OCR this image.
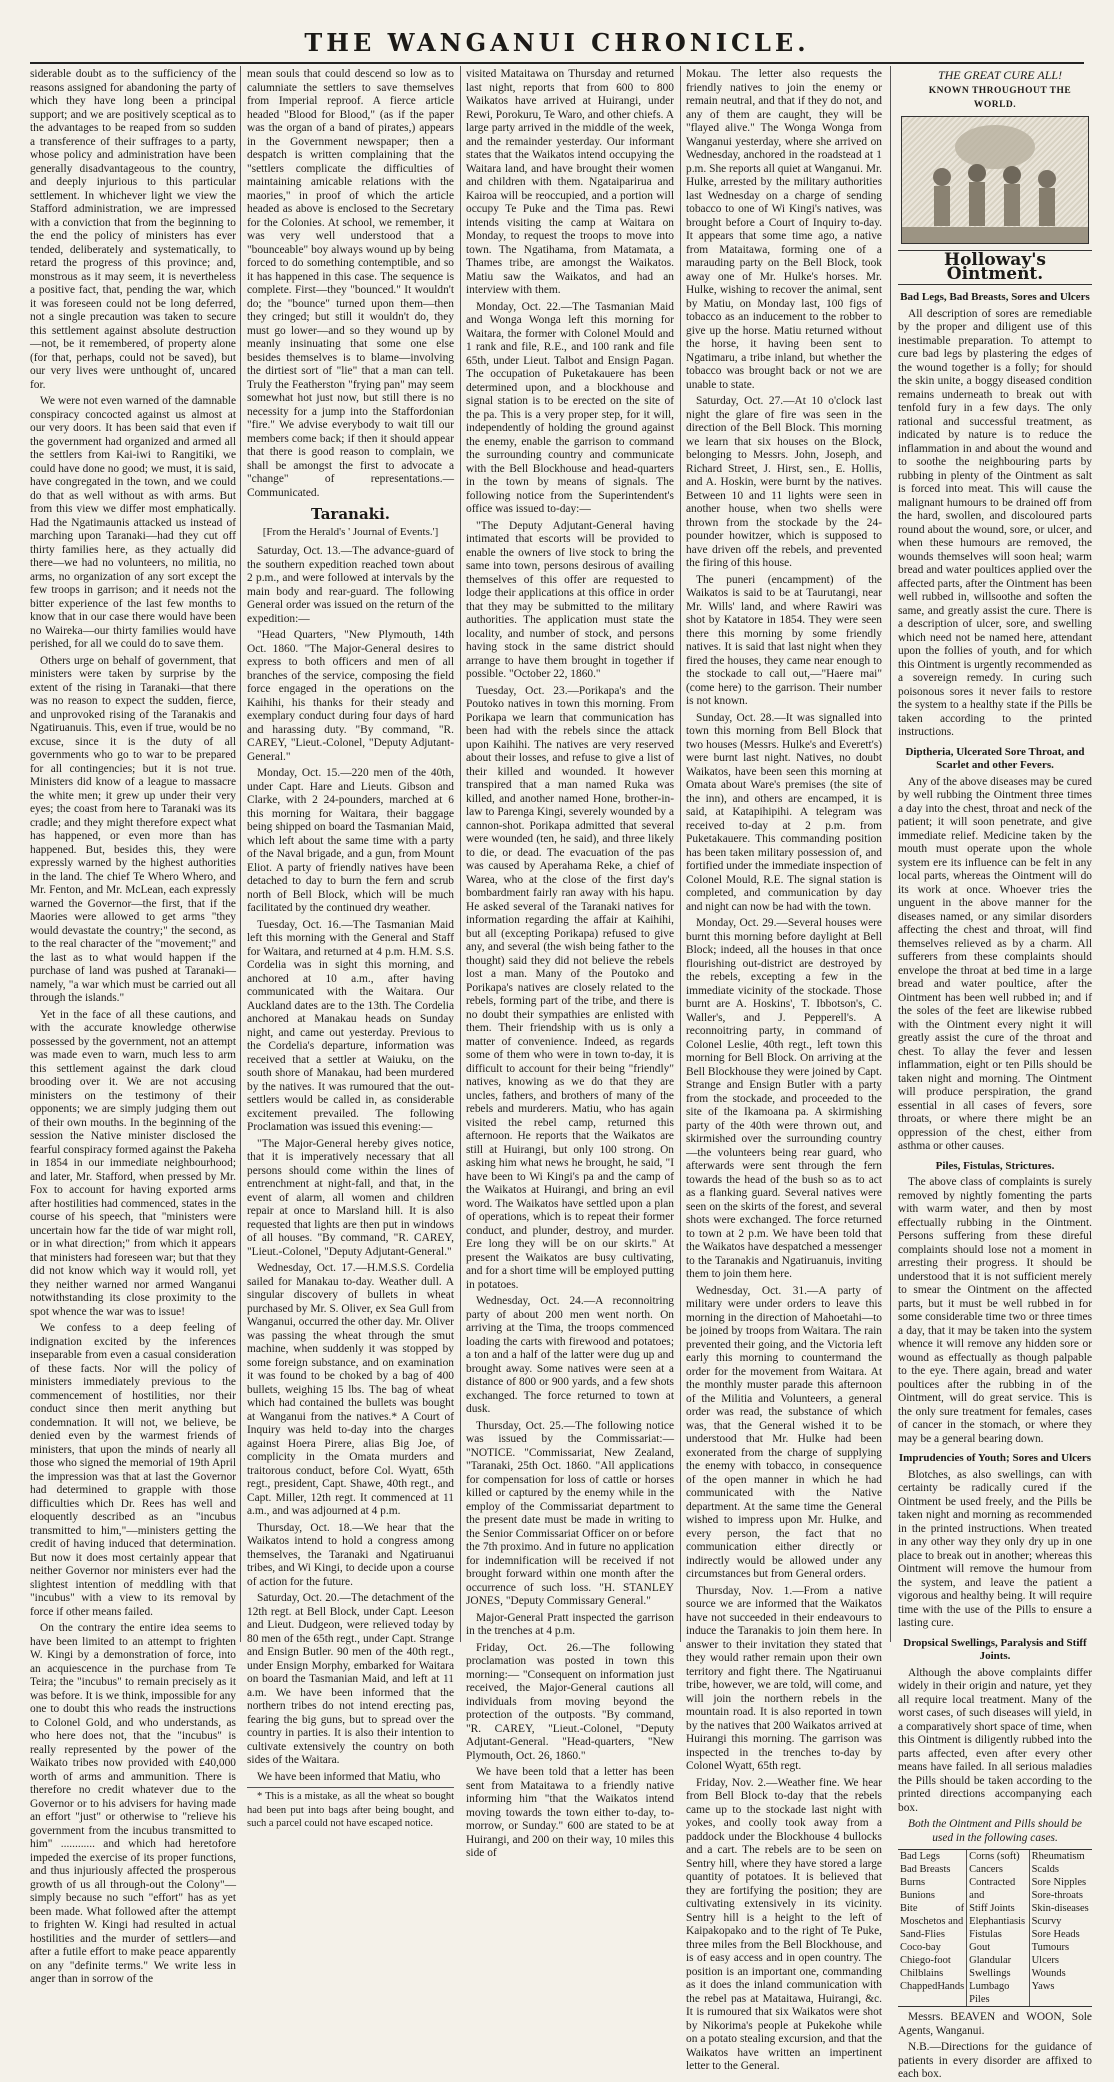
THE WANGANUI CHRONICLE.

siderable doubt as to the sufficiency of the reasons assigned for abandoning the party of which they have long been a principal support; and we are positively sceptical as to the advantages to be reaped from so sudden a transference of their suffrages to a party, whose policy and administration have been generally disadvantageous to the country, and deeply injurious to this particular settlement. In whichever light we view the Stafford administration, we are impressed with a conviction that from the beginning to the end the policy of ministers has ever tended, deliberately and systematically, to retard the progress of this province; and, monstrous as it may seem, it is nevertheless a positive fact, that, pending the war, which it was foreseen could not be long deferred, not a single precaution was taken to secure this settlement against absolute destruction—not, be it remembered, of property alone (for that, perhaps, could not be saved), but our very lives were unthought of, uncared for.

We were not even warned of the damnable conspiracy concocted against us almost at our very doors. It has been said that even if the government had organized and armed all the settlers from Kai-iwi to Rangitiki, we could have done no good; we must, it is said, have congregated in the town, and we could do that as well without as with arms. But from this view we differ most emphatically. Had the Ngatimaunis attacked us instead of marching upon Taranaki—had they cut off thirty families here, as they actually did there—we had no volunteers, no militia, no arms, no organization of any sort except the few troops in garrison; and it needs not the bitter experience of the last few months to know that in our case there would have been no Waireka—our thirty families would have perished, for all we could do to save them.

Others urge on behalf of government, that ministers were taken by surprise by the extent of the rising in Taranaki—that there was no reason to expect the sudden, fierce, and unprovoked rising of the Taranakis and Ngatiruanuis. This, even if true, would be no excuse, since it is the duty of all governments who go to war to be prepared for all contingencies; but it is not true. Ministers did know of a league to massacre the white men; it grew up under their very eyes; the coast from here to Taranaki was its cradle; and they might therefore expect what has happened, or even more than has happened. But, besides this, they were expressly warned by the highest authorities in the land. The chief Te Whero Whero, and Mr. Fenton, and Mr. McLean, each expressly warned the Governor—the first, that if the Maories were allowed to get arms "they would devastate the country;" the second, as to the real character of the "movement;" and the last as to what would happen if the purchase of land was pushed at Taranaki—namely, "a war which must be carried out all through the islands."

Yet in the face of all these cautions, and with the accurate knowledge otherwise possessed by the government, not an attempt was made even to warn, much less to arm this settlement against the dark cloud brooding over it. We are not accusing ministers on the testimony of their opponents; we are simply judging them out of their own mouths. In the beginning of the session the Native minister disclosed the fearful conspiracy formed against the Pakeha in 1854 in our immediate neighbourhood; and later, Mr. Stafford, when pressed by Mr. Fox to account for having exported arms after hostilities had commenced, states in the course of his speech, that "ministers were uncertain how far the tide of war might roll, or in what direction;" from which it appears that ministers had foreseen war; but that they did not know which way it would roll, yet they neither warned nor armed Wanganui notwithstanding its close proximity to the spot whence the war was to issue!

We confess to a deep feeling of indignation excited by the inferences inseparable from even a casual consideration of these facts. Nor will the policy of ministers immediately previous to the commencement of hostilities, nor their conduct since then merit anything but condemnation. It will not, we believe, be denied even by the warmest friends of ministers, that upon the minds of nearly all those who signed the memorial of 19th April the impression was that at last the Governor had determined to grapple with those difficulties which Dr. Rees has well and eloquently described as an "incubus transmitted to him,"—ministers getting the credit of having induced that determination. But now it does most certainly appear that neither Governor nor ministers ever had the slightest intention of meddling with that "incubus" with a view to its removal by force if other means failed.

On the contrary the entire idea seems to have been limited to an attempt to frighten W. Kingi by a demonstration of force, into an acquiescence in the purchase from Te Teira; the "incubus" to remain precisely as it was before. It is we think, impossible for any one to doubt this who reads the instructions to Colonel Gold, and who understands, as who here does not, that the "incubus" is really represented by the power of the Waikato tribes now provided with £40,000 worth of arms and ammunition. There is therefore no credit whatever due to the Governor or to his advisers for having made an effort "just" or otherwise to "relieve his government from the incubus transmitted to him" ............ and which had heretofore impeded the exercise of its proper functions, and thus injuriously affected the prosperous growth of us all through-out the Colony"—simply because no such "effort" has as yet been made. What followed after the attempt to frighten W. Kingi had resulted in actual hostilities and the murder of settlers—and after a futile effort to make peace apparently on any "definite terms." We write less in anger than in sorrow of the

mean souls that could descend so low as to calumniate the settlers to save themselves from Imperial reproof. A fierce article headed "Blood for Blood," (as if the paper was the organ of a band of pirates,) appears in the Government newspaper; then a despatch is written complaining that the "settlers complicate the difficulties of maintaining amicable relations with the maories," in proof of which the article headed as above is enclosed to the Secretary for the Colonies. At school, we remember, it was very well understood that a "bounceable" boy always wound up by being forced to do something contemptible, and so it has happened in this case. The sequence is complete. First—they "bounced." It wouldn't do; the "bounce" turned upon them—then they cringed; but still it wouldn't do, they must go lower—and so they wound up by meanly insinuating that some one else besides themselves is to blame—involving the dirtiest sort of "lie" that a man can tell. Truly the Featherston "frying pan" may seem somewhat hot just now, but still there is no necessity for a jump into the Staffordonian "fire." We advise everybody to wait till our members come back; if then it should appear that there is good reason to complain, we shall be amongst the first to advocate a "change" of representations.—Communicated.

Taranaki.
[From the Herald's ' Journal of Events.']

Saturday, Oct. 13.—The advance-guard of the southern expedition reached town about 2 p.m., and were followed at intervals by the main body and rear-guard. The following General order was issued on the return of the expedition:—

"Head Quarters, "New Plymouth, 14th Oct. 1860. "The Major-General desires to express to both officers and men of all branches of the service, composing the field force engaged in the operations on the Kaihihi, his thanks for their steady and exemplary conduct during four days of hard and harassing duty. "By command, "R. CAREY, "Lieut.-Colonel, "Deputy Adjutant-General."

Monday, Oct. 15.—220 men of the 40th, under Capt. Hare and Lieuts. Gibson and Clarke, with 2 24-pounders, marched at 6 this morning for Waitara, their baggage being shipped on board the Tasmanian Maid, which left about the same time with a party of the Naval brigade, and a gun, from Mount Eliot. A party of friendly natives have been detached to day to burn the fern and scrub north of Bell Block, which will be much facilitated by the continued dry weather.

Tuesday, Oct. 16.—The Tasmanian Maid left this morning with the General and Staff for Waitara, and returned at 4 p.m. H.M. S.S. Cordelia was in sight this morning, and anchored at 10 a.m., after having communicated with the Waitara. Our Auckland dates are to the 13th. The Cordelia anchored at Manakau heads on Sunday night, and came out yesterday. Previous to the Cordelia's departure, information was received that a settler at Waiuku, on the south shore of Manakau, had been murdered by the natives. It was rumoured that the out-settlers would be called in, as considerable excitement prevailed. The following Proclamation was issued this evening:—

"The Major-General hereby gives notice, that it is imperatively necessary that all persons should come within the lines of entrenchment at night-fall, and that, in the event of alarm, all women and children repair at once to Marsland hill. It is also requested that lights are then put in windows of all houses. "By command, "R. CAREY, "Lieut.-Colonel, "Deputy Adjutant-General."

Wednesday, Oct. 17.—H.M.S.S. Cordelia sailed for Manakau to-day. Weather dull. A singular discovery of bullets in wheat purchased by Mr. S. Oliver, ex Sea Gull from Wanganui, occurred the other day. Mr. Oliver was passing the wheat through the smut machine, when suddenly it was stopped by some foreign substance, and on examination it was found to be choked by a bag of 400 bullets, weighing 15 lbs. The bag of wheat which had contained the bullets was bought at Wanganui from the natives.* A Court of Inquiry was held to-day into the charges against Hoera Pirere, alias Big Joe, of complicity in the Omata murders and traitorous conduct, before Col. Wyatt, 65th regt., president, Capt. Shawe, 40th regt., and Capt. Miller, 12th regt. It commenced at 11 a.m., and was adjourned at 4 p.m.

Thursday, Oct. 18.—We hear that the Waikatos intend to hold a congress among themselves, the Taranaki and Ngatiruanui tribes, and Wi Kingi, to decide upon a course of action for the future.

Saturday, Oct. 20.—The detachment of the 12th regt. at Bell Block, under Capt. Leeson and Lieut. Dudgeon, were relieved today by 80 men of the 65th regt., under Capt. Strange and Ensign Butler. 90 men of the 40th regt., under Ensign Morphy, embarked for Waitara on board the Tasmanian Maid, and left at 11 a.m. We have been informed that the northern tribes do not intend erecting pas, fearing the big guns, but to spread over the country in parties. It is also their intention to cultivate extensively the country on both sides of the Waitara.

We have been informed that Matiu, who

* This is a mistake, as all the wheat so bought had been put into bags after being bought, and such a parcel could not have escaped notice.

visited Mataitawa on Thursday and returned last night, reports that from 600 to 800 Waikatos have arrived at Huirangi, under Rewi, Porokuru, Te Waro, and other chiefs. A large party arrived in the middle of the week, and the remainder yesterday. Our informant states that the Waikatos intend occupying the Waitara land, and have brought their women and children with them. Ngataiparirua and Kairoa will be reoccupied, and a portion will occupy Te Puke and the Tima pas. Rewi intends visiting the camp at Waitara on Monday, to request the troops to move into town. The Ngatihama, from Matamata, a Thames tribe, are amongst the Waikatos. Matiu saw the Waikatos, and had an interview with them.

Monday, Oct. 22.—The Tasmanian Maid and Wonga Wonga left this morning for Waitara, the former with Colonel Mould and 1 rank and file, R.E., and 100 rank and file 65th, under Lieut. Talbot and Ensign Pagan. The occupation of Puketakauere has been determined upon, and a blockhouse and signal station is to be erected on the site of the pa. This is a very proper step, for it will, independently of holding the ground against the enemy, enable the garrison to command the surrounding country and communicate with the Bell Blockhouse and head-quarters in the town by means of signals. The following notice from the Superintendent's office was issued to-day:—

"The Deputy Adjutant-General having intimated that escorts will be provided to enable the owners of live stock to bring the same into town, persons desirous of availing themselves of this offer are requested to lodge their applications at this office in order that they may be submitted to the military authorities. The application must state the locality, and number of stock, and persons having stock in the same district should arrange to have them brought in together if possible. "October 22, 1860."

Tuesday, Oct. 23.—Porikapa's and the Poutoko natives in town this morning. From Porikapa we learn that communication has been had with the rebels since the attack upon Kaihihi. The natives are very reserved about their losses, and refuse to give a list of their killed and wounded. It however transpired that a man named Ruka was killed, and another named Hone, brother-in-law to Parenga Kingi, severely wounded by a cannon-shot. Porikapa admitted that several were wounded (ten, he said), and three likely to die, or dead. The evacuation of the pas was caused by Aperahama Reke, a chief of Warea, who at the close of the first day's bombardment fairly ran away with his hapu. He asked several of the Taranaki natives for information regarding the affair at Kaihihi, but all (excepting Porikapa) refused to give any, and several (the wish being father to the thought) said they did not believe the rebels lost a man. Many of the Poutoko and Porikapa's natives are closely related to the rebels, forming part of the tribe, and there is no doubt their sympathies are enlisted with them. Their friendship with us is only a matter of convenience. Indeed, as regards some of them who were in town to-day, it is difficult to account for their being "friendly" natives, knowing as we do that they are uncles, fathers, and brothers of many of the rebels and murderers. Matiu, who has again visited the rebel camp, returned this afternoon. He reports that the Waikatos are still at Huirangi, but only 100 strong. On asking him what news he brought, he said, "I have been to Wi Kingi's pa and the camp of the Waikatos at Huirangi, and bring an evil word. The Waikatos have settled upon a plan of operations, which is to repeat their former conduct, and plunder, destroy, and murder. Ere long they will be on our skirts." At present the Waikatos are busy cultivating, and for a short time will be employed putting in potatoes.

Wednesday, Oct. 24.—A reconnoitring party of about 200 men went north. On arriving at the Tima, the troops commenced loading the carts with firewood and potatoes; a ton and a half of the latter were dug up and brought away. Some natives were seen at a distance of 800 or 900 yards, and a few shots exchanged. The force returned to town at dusk.

Thursday, Oct. 25.—The following notice was issued by the Commissariat:— "NOTICE. "Commissariat, New Zealand, "Taranaki, 25th Oct. 1860. "All applications for compensation for loss of cattle or horses killed or captured by the enemy while in the employ of the Commissariat department to the present date must be made in writing to the Senior Commissariat Officer on or before the 7th proximo. And in future no application for indemnification will be received if not brought forward within one month after the occurrence of such loss. "H. STANLEY JONES, "Deputy Commissary General."

Major-General Pratt inspected the garrison in the trenches at 4 p.m.

Friday, Oct. 26.—The following proclamation was posted in town this morning:— "Consequent on information just received, the Major-General cautions all individuals from moving beyond the protection of the outposts. "By command, "R. CAREY, "Lieut.-Colonel, "Deputy Adjutant-General. "Head-quarters, "New Plymouth, Oct. 26, 1860."

We have been told that a letter has been sent from Mataitawa to a friendly native informing him "that the Waikatos intend moving towards the town either to-day, to-morrow, or Sunday." 600 are stated to be at Huirangi, and 200 on their way, 10 miles this side of

Mokau. The letter also requests the friendly natives to join the enemy or remain neutral, and that if they do not, and any of them are caught, they will be "flayed alive." The Wonga Wonga from Wanganui yesterday, where she arrived on Wednesday, anchored in the roadstead at 1 p.m. She reports all quiet at Wanganui. Mr. Hulke, arrested by the military authorities last Wednesday on a charge of sending tobacco to one of Wi Kingi's natives, was brought before a Court of Inquiry to-day. It appears that some time ago, a native from Mataitawa, forming one of a marauding party on the Bell Block, took away one of Mr. Hulke's horses. Mr. Hulke, wishing to recover the animal, sent by Matiu, on Monday last, 100 figs of tobacco as an inducement to the robber to give up the horse. Matiu returned without the horse, it having been sent to Ngatimaru, a tribe inland, but whether the tobacco was brought back or not we are unable to state.

Saturday, Oct. 27.—At 10 o'clock last night the glare of fire was seen in the direction of the Bell Block. This morning we learn that six houses on the Block, belonging to Messrs. John, Joseph, and Richard Street, J. Hirst, sen., E. Hollis, and A. Hoskin, were burnt by the natives. Between 10 and 11 lights were seen in another house, when two shells were thrown from the stockade by the 24-pounder howitzer, which is supposed to have driven off the rebels, and prevented the firing of this house.

The puneri (encampment) of the Waikatos is said to be at Taurutangi, near Mr. Wills' land, and where Rawiri was shot by Katatore in 1854. They were seen there this morning by some friendly natives. It is said that last night when they fired the houses, they came near enough to the stockade to call out,—"Haere mai" (come here) to the garrison. Their number is not known.

Sunday, Oct. 28.—It was signalled into town this morning from Bell Block that two houses (Messrs. Hulke's and Everett's) were burnt last night. Natives, no doubt Waikatos, have been seen this morning at Omata about Ware's premises (the site of the inn), and others are encamped, it is said, at Katapihipihi. A telegram was received to-day at 2 p.m. from Puketakauere. This commanding position has been taken military possession of, and fortified under the immediate inspection of Colonel Mould, R.E. The signal station is completed, and communication by day and night can now be had with the town.

Monday, Oct. 29.—Several houses were burnt this morning before daylight at Bell Block; indeed, all the houses in that once flourishing out-district are destroyed by the rebels, excepting a few in the immediate vicinity of the stockade. Those burnt are A. Hoskins', T. Ibbotson's, C. Waller's, and J. Pepperell's. A reconnoitring party, in command of Colonel Leslie, 40th regt., left town this morning for Bell Block. On arriving at the Bell Blockhouse they were joined by Capt. Strange and Ensign Butler with a party from the stockade, and proceeded to the site of the Ikamoana pa. A skirmishing party of the 40th were thrown out, and skirmished over the surrounding country—the volunteers being rear guard, who afterwards were sent through the fern towards the head of the bush so as to act as a flanking guard. Several natives were seen on the skirts of the forest, and several shots were exchanged. The force returned to town at 2 p.m. We have been told that the Waikatos have despatched a messenger to the Taranakis and Ngatiruanuis, inviting them to join them here.

Wednesday, Oct. 31.—A party of military were under orders to leave this morning in the direction of Mahoetahi—to be joined by troops from Waitara. The rain prevented their going, and the Victoria left early this morning to countermand the order for the movement from Waitara. At the monthly muster parade this afternoon of the Militia and Volunteers, a general order was read, the substance of which was, that the General wished it to be understood that Mr. Hulke had been exonerated from the charge of supplying the enemy with tobacco, in consequence of the open manner in which he had communicated with the Native department. At the same time the General wished to impress upon Mr. Hulke, and every person, the fact that no communication either directly or indirectly would be allowed under any circumstances but from General orders.

Thursday, Nov. 1.—From a native source we are informed that the Waikatos have not succeeded in their endeavours to induce the Taranakis to join them here. In answer to their invitation they stated that they would rather remain upon their own territory and fight there. The Ngatiruanui tribe, however, we are told, will come, and will join the northern rebels in the mountain road. It is also reported in town by the natives that 200 Waikatos arrived at Huirangi this morning. The garrison was inspected in the trenches to-day by Colonel Wyatt, 65th regt.

Friday, Nov. 2.—Weather fine. We hear from Bell Block to-day that the rebels came up to the stockade last night with yokes, and coolly took away from a paddock under the Blockhouse 4 bullocks and a cart. The rebels are to be seen on Sentry hill, where they have stored a large quantity of potatoes. It is believed that they are fortifying the position; they are cultivating extensively in its vicinity. Sentry hill is a height to the left of Kaipakopako and to the right of Te Puke, three miles from the Bell Blockhouse, and is of easy access and in open country. The position is an important one, commanding as it does the inland communication with the rebel pas at Mataitawa, Huirangi, &c. It is rumoured that six Waikatos were shot by Nikorima's people at Pukekohe while on a potato stealing excursion, and that the Waikatos have written an impertinent letter to the General.

THE GREAT CURE ALL!

KNOWN THROUGHOUT THE WORLD.

Holloway's Ointment.
Bad Legs, Bad Breasts, Sores and Ulcers

All description of sores are remediable by the proper and diligent use of this inestimable preparation. To attempt to cure bad legs by plastering the edges of the wound together is a folly; for should the skin unite, a boggy diseased condition remains underneath to break out with tenfold fury in a few days. The only rational and successful treatment, as indicated by nature is to reduce the inflammation in and about the wound and to soothe the neighbouring parts by rubbing in plenty of the Ointment as salt is forced into meat. This will cause the malignant humours to be drained off from the hard, swollen, and discoloured parts round about the wound, sore, or ulcer, and when these humours are removed, the wounds themselves will soon heal; warm bread and water poultices applied over the affected parts, after the Ointment has been well rubbed in, willsoothe and soften the same, and greatly assist the cure. There is a description of ulcer, sore, and swelling which need not be named here, attendant upon the follies of youth, and for which this Ointment is urgently recommended as a sovereign remedy. In curing such poisonous sores it never fails to restore the system to a healthy state if the Pills be taken according to the printed instructions.

Diptheria, Ulcerated Sore Throat, and Scarlet and other Fevers.

Any of the above diseases may be cured by well rubbing the Ointment three times a day into the chest, throat and neck of the patient; it will soon penetrate, and give immediate relief. Medicine taken by the mouth must operate upon the whole system ere its influence can be felt in any local parts, whereas the Ointment will do its work at once. Whoever tries the unguent in the above manner for the diseases named, or any similar disorders affecting the chest and throat, will find themselves relieved as by a charm. All sufferers from these complaints should envelope the throat at bed time in a large bread and water poultice, after the Ointment has been well rubbed in; and if the soles of the feet are likewise rubbed with the Ointment every night it will greatly assist the cure of the throat and chest. To allay the fever and lessen inflammation, eight or ten Pills should be taken night and morning. The Ointment will produce perspiration, the grand essential in all cases of fevers, sore throats, or where there might be an oppression of the chest, either from asthma or other causes.

Piles, Fistulas, Strictures.

The above class of complaints is surely removed by nightly fomenting the parts with warm water, and then by most effectually rubbing in the Ointment. Persons suffering from these direful complaints should lose not a moment in arresting their progress. It should be understood that it is not sufficient merely to smear the Ointment on the affected parts, but it must be well rubbed in for some considerable time two or three times a day, that it may be taken into the system whence it will remove any hidden sore or wound as effectually as though palpable to the eye. There again, bread and water poultices after the rubbing in of the Ointment, will do great service. This is the only sure treatment for females, cases of cancer in the stomach, or where they may be a general bearing down.

Imprudencies of Youth; Sores and Ulcers

Blotches, as also swellings, can with certainty be radically cured if the Ointment be used freely, and the Pills be taken night and morning as recommended in the printed instructions. When treated in any other way they only dry up in one place to break out in another; whereas this Ointment will remove the humour from the system, and leave the patient a vigorous and healthy being. It will require time with the use of the Pills to ensure a lasting cure.

Dropsical Swellings, Paralysis and Stiff Joints.

Although the above complaints differ widely in their origin and nature, yet they all require local treatment. Many of the worst cases, of such diseases will yield, in a comparatively short space of time, when this Ointment is diligently rubbed into the parts affected, even after every other means have failed. In all serious maladies the Pills should be taken according to the printed directions accompanying each box.

Both the Ointment and Pills should be used in the following cases.

Bad Legs
Bad Breasts
Burns
Bunions
Bite of Moschetos and
Sand-Flies
Coco-bay
Chiego-foot
Chilblains
ChappedHands
Corns (soft)
Cancers
Contracted and
Stiff Joints
Elephantiasis
Fistulas
Gout
Glandular
Swellings
Lumbago
Piles
Rheumatism
Scalds
Sore Nipples
Sore-throats
Skin-diseases
Scurvy
Sore Heads
Tumours
Ulcers
Wounds
Yaws

Messrs. BEAVEN and WOON, Sole Agents, Wanganui.

N.B.—Directions for the guidance of patients in every disorder are affixed to each box.
